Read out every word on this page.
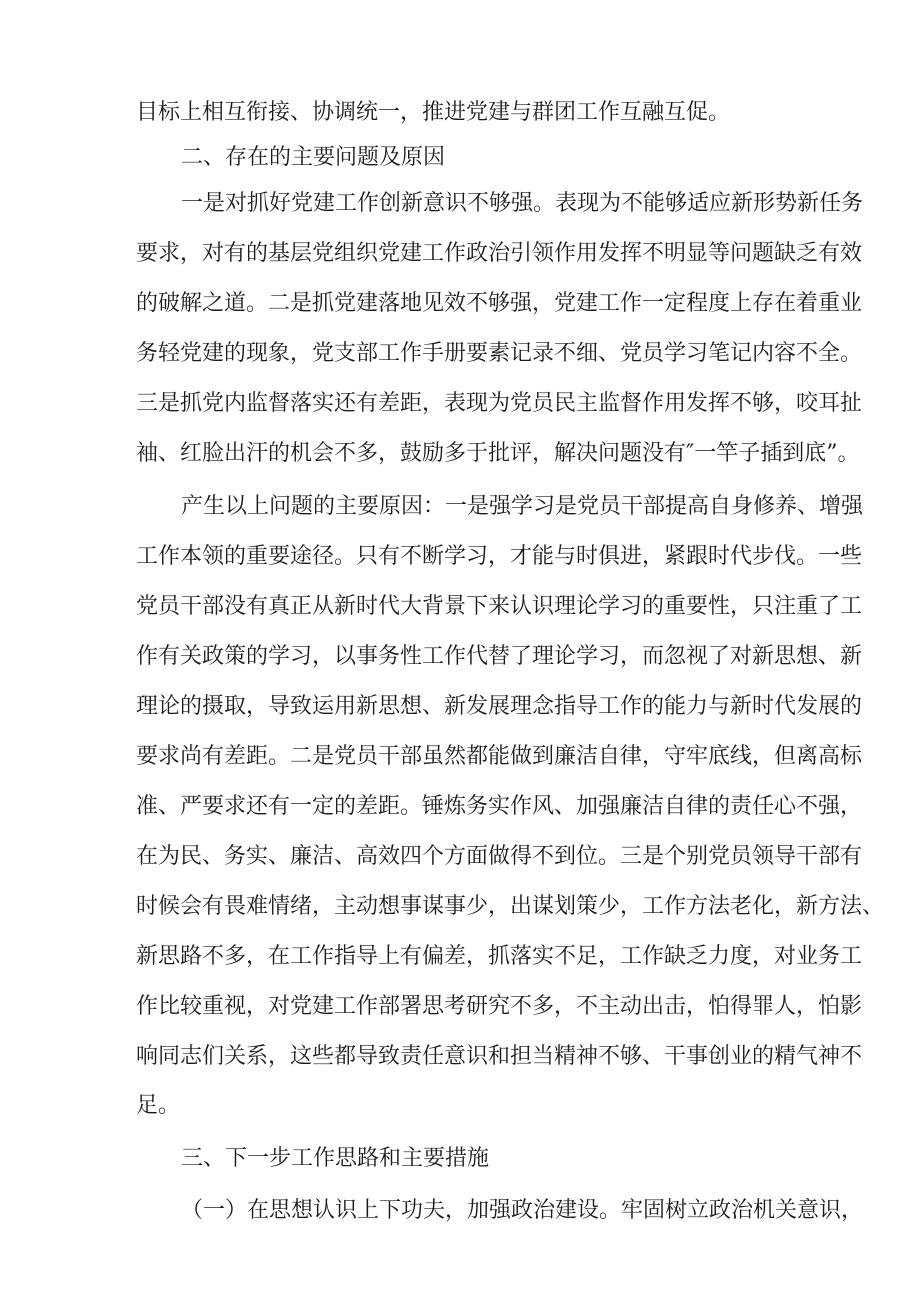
目标上相互衔接、协调统一，推进党建与群团工作互融互促。
二、存在的主要问题及原因
一是对抓好党建工作创新意识不够强。表现为不能够适应新形势新任务
要求，对有的基层党组织党建工作政治引领作用发挥不明显等问题缺乏有效
的破解之道。二是抓党建落地见效不够强，党建工作一定程度上存在着重业
务轻党建的现象，党支部工作手册要素记录不细、党员学习笔记内容不全。
三是抓党内监督落实还有差距，表现为党员民主监督作用发挥不够，咬耳扯
袖、红脸出汗的机会不多，鼓励多于批评，解决问题没有″一竿子插到底”。
产生以上问题的主要原因：一是强学习是党员干部提高自身修养、增强
工作本领的重要途径。只有不断学习，才能与时俱进，紧跟时代步伐。一些
党员干部没有真正从新时代大背景下来认识理论学习的重要性，只注重了工
作有关政策的学习，以事务性工作代替了理论学习，而忽视了对新思想、新
理论的摄取，导致运用新思想、新发展理念指导工作的能力与新时代发展的
要求尚有差距。二是党员干部虽然都能做到廉洁自律，守牢底线，但离高标
准、严要求还有一定的差距。锤炼务实作风、加强廉洁自律的责任心不强，
在为民、务实、廉洁、高效四个方面做得不到位。三是个别党员领导干部有
时候会有畏难情绪，主动想事谋事少，出谋划策少，工作方法老化，新方法、
新思路不多，在工作指导上有偏差，抓落实不足，工作缺乏力度，对业务工
作比较重视，对党建工作部署思考研究不多，不主动出击，怕得罪人，怕影
响同志们关系，这些都导致责任意识和担当精神不够、干事创业的精气神不
足。
三、下一步工作思路和主要措施
（一）在思想认识上下功夫，加强政治建设。牢固树立政治机关意识，
